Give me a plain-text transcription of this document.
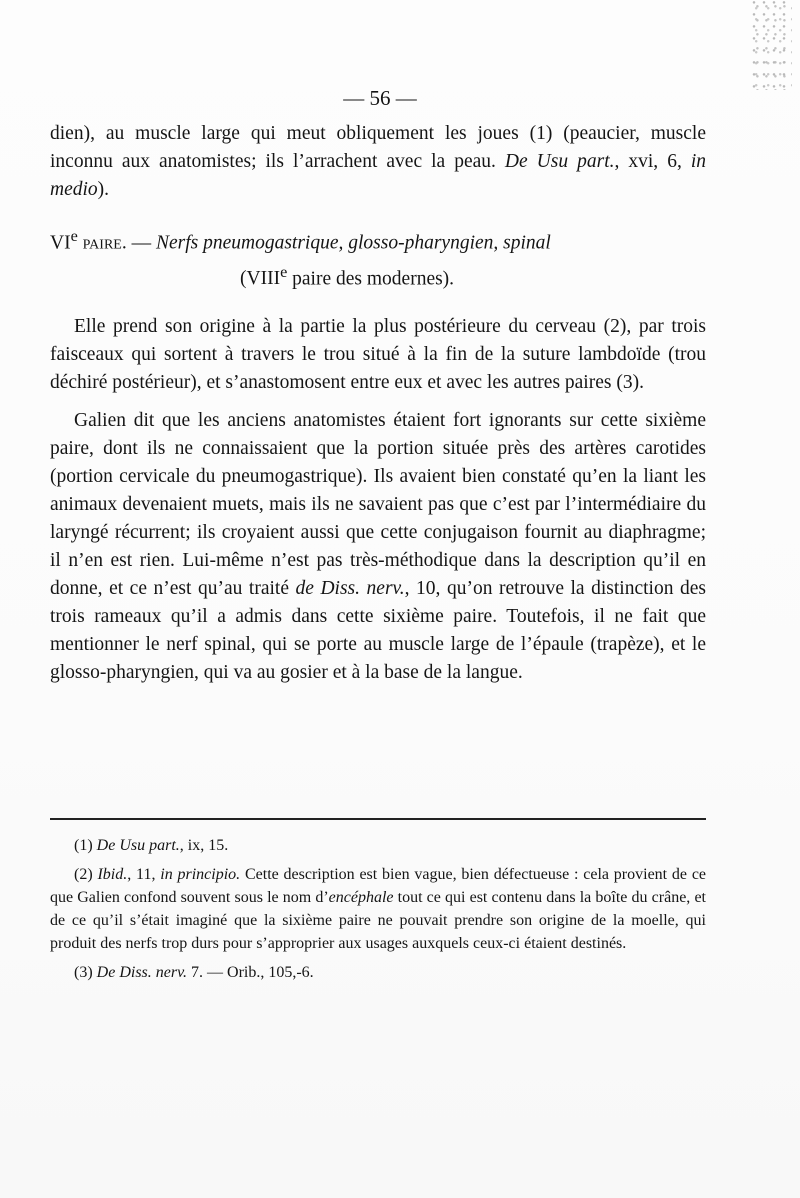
— 56 —

dien), au muscle large qui meut obliquement les joues (1) (peaucier, muscle inconnu aux anatomistes; ils l’arrachent avec la peau. De Usu part., xvi, 6, in medio).

VIe paire. — Nerfs pneumogastrique, glosso-pharyngien, spinal
(VIIIe paire des modernes).

Elle prend son origine à la partie la plus postérieure du cerveau (2), par trois faisceaux qui sortent à travers le trou situé à la fin de la suture lambdoïde (trou déchiré postérieur), et s’anastomosent entre eux et avec les autres paires (3).

Galien dit que les anciens anatomistes étaient fort ignorants sur cette sixième paire, dont ils ne connaissaient que la portion située près des artères carotides (portion cervicale du pneumogastrique). Ils avaient bien constaté qu’en la liant les animaux devenaient muets, mais ils ne savaient pas que c’est par l’intermédiaire du laryngé récurrent; ils croyaient aussi que cette conjugaison fournit au diaphragme; il n’en est rien. Lui-même n’est pas très-méthodique dans la description qu’il en donne, et ce n’est qu’au traité de Diss. nerv., 10, qu’on retrouve la distinction des trois rameaux qu’il a admis dans cette sixième paire. Toutefois, il ne fait que mentionner le nerf spinal, qui se porte au muscle large de l’épaule (trapèze), et le glosso-pharyngien, qui va au gosier et à la base de la langue.

(1) De Usu part., ix, 15.

(2) Ibid., 11, in principio. Cette description est bien vague, bien défectueuse : cela provient de ce que Galien confond souvent sous le nom d’encéphale tout ce qui est contenu dans la boîte du crâne, et de ce qu’il s’était imaginé que la sixième paire ne pouvait prendre son origine de la moelle, qui produit des nerfs trop durs pour s’approprier aux usages auxquels ceux-ci étaient destinés.

(3) De Diss. nerv. 7. — Orib., 105,-6.
